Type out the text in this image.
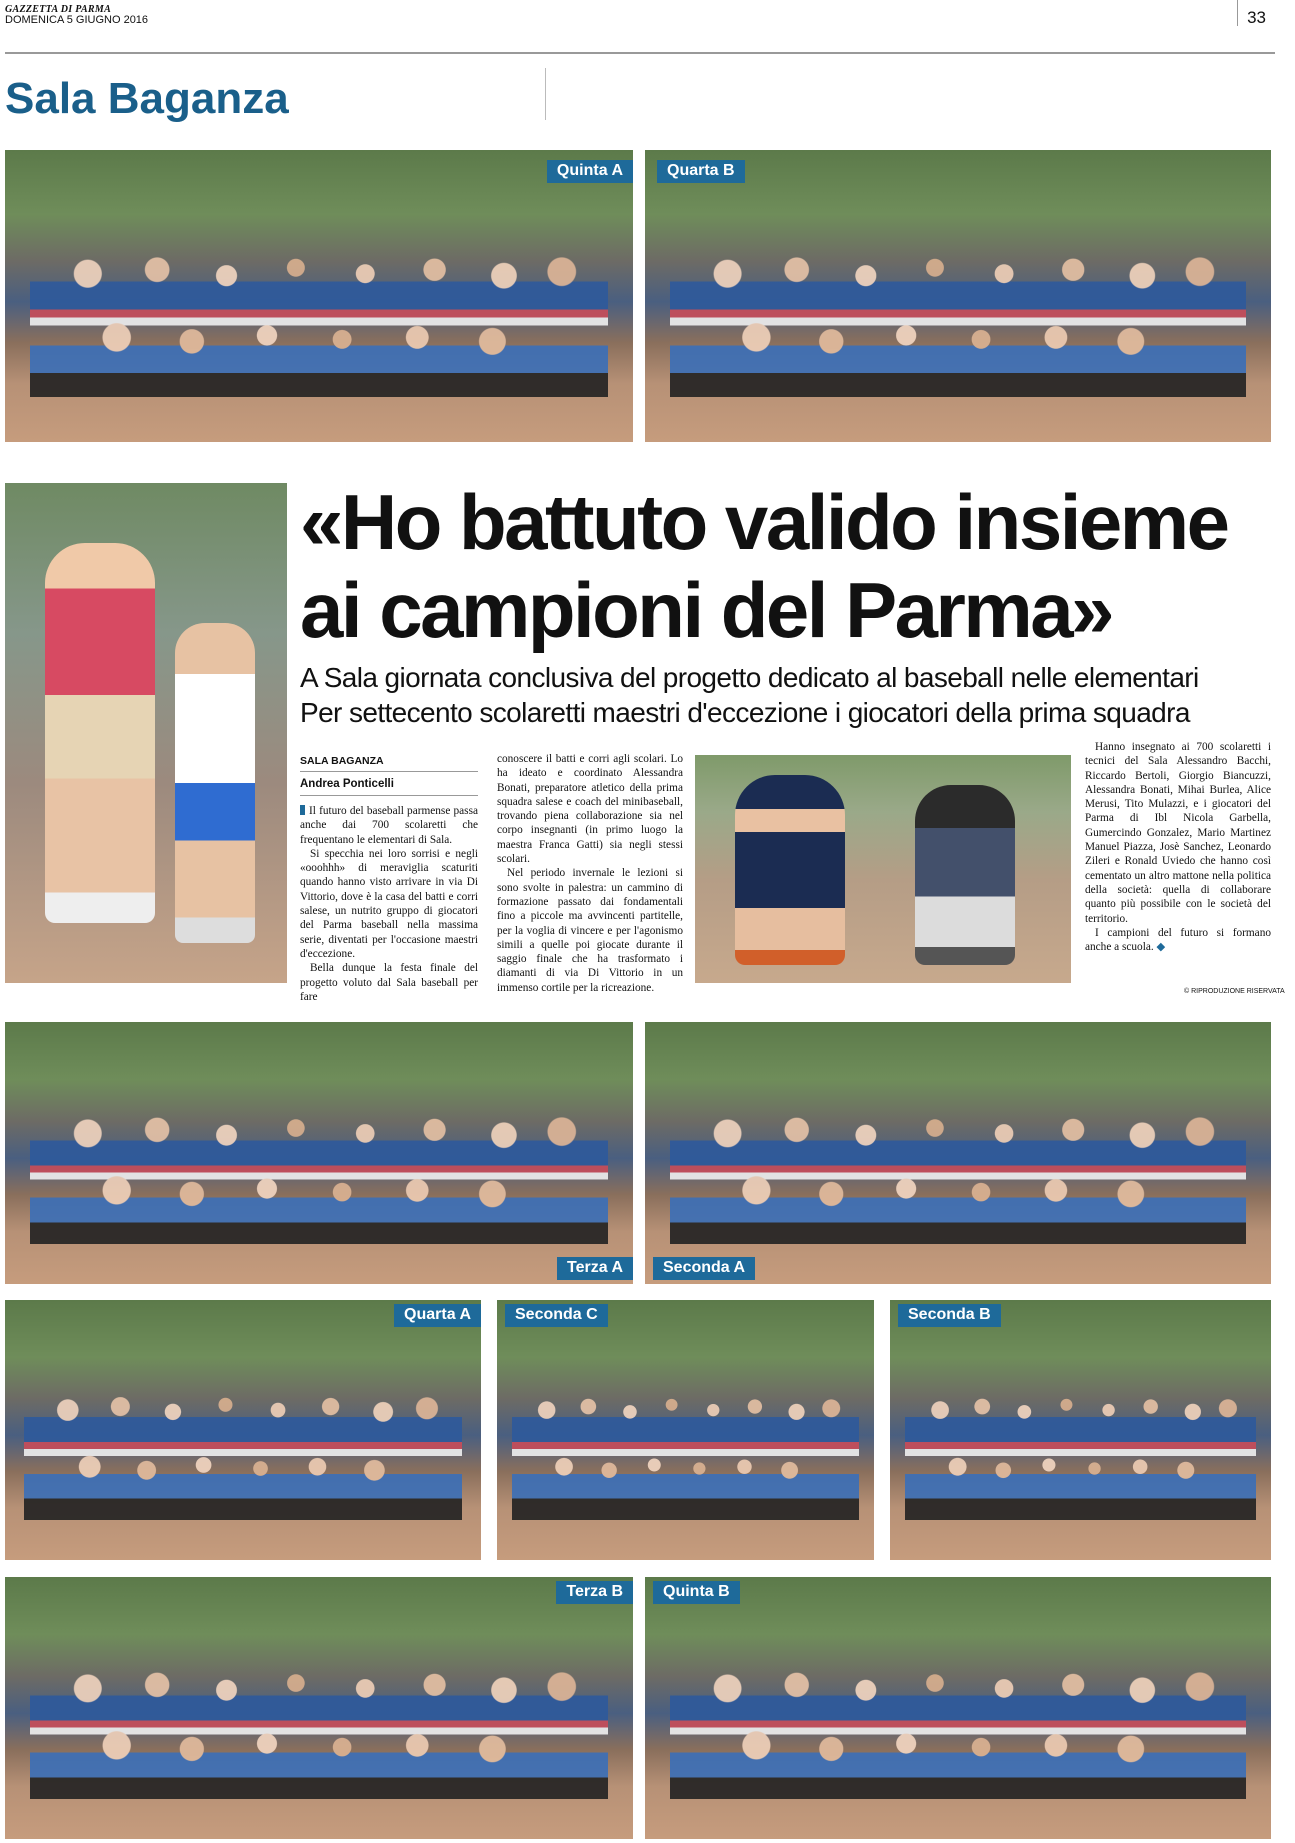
GAZZETTA DI PARMA
DOMENICA 5 GIUGNO 2016	33
Sala Baganza
Quinta A	Quarta B
«Ho battuto valido insieme
ai campioni del Parma»
A Sala giornata conclusiva del progetto dedicato al baseball nelle elementari
Per settecento scolaretti maestri d'eccezione i giocatori della prima squadra
SALA BAGANZA
Andrea Ponticelli

Il futuro del baseball parmense passa anche dai 700 scolaretti che frequentano le elementari di Sala.

Si specchia nei loro sorrisi e negli «ooohhh» di meraviglia scaturiti quando hanno visto arrivare in via Di Vittorio, dove è la casa del batti e corri salese, un nutrito gruppo di giocatori del Parma baseball nella massima serie, diventati per l'occasione maestri d'eccezione.

Bella dunque la festa finale del progetto voluto dal Sala baseball per fare

conoscere il batti e corri agli scolari. Lo ha ideato e coordinato Alessandra Bonati, preparatore atletico della prima squadra salese e coach del minibaseball, trovando piena collaborazione sia nel corpo insegnanti (in primo luogo la maestra Franca Gatti) sia negli stessi scolari.

Nel periodo invernale le lezioni si sono svolte in palestra: un cammino di formazione passato dai fondamentali fino a piccole ma avvincenti partitelle, per la voglia di vincere e per l'agonismo simili a quelle poi giocate durante il saggio finale che ha trasformato i diamanti di via Di Vittorio in un immenso cortile per la ricreazione.

Hanno insegnato ai 700 scolaretti i tecnici del Sala Alessandro Bacchi, Riccardo Bertoli, Giorgio Biancuzzi, Alessandra Bonati, Mihai Burlea, Alice Merusi, Tito Mulazzi, e i giocatori del Parma di Ibl Nicola Garbella, Gumercindo Gonzalez, Mario Martinez Manuel Piazza, Josè Sanchez, Leonardo Zileri e Ronald Uviedo che hanno così cementato un altro mattone nella politica della società: quella di collaborare quanto più possibile con le società del territorio.

I campioni del futuro si formano anche a scuola. ◆

© RIPRODUZIONE RISERVATA
Terza A	Seconda A
Quarta A	Seconda C	Seconda B
Terza B	Quinta B
